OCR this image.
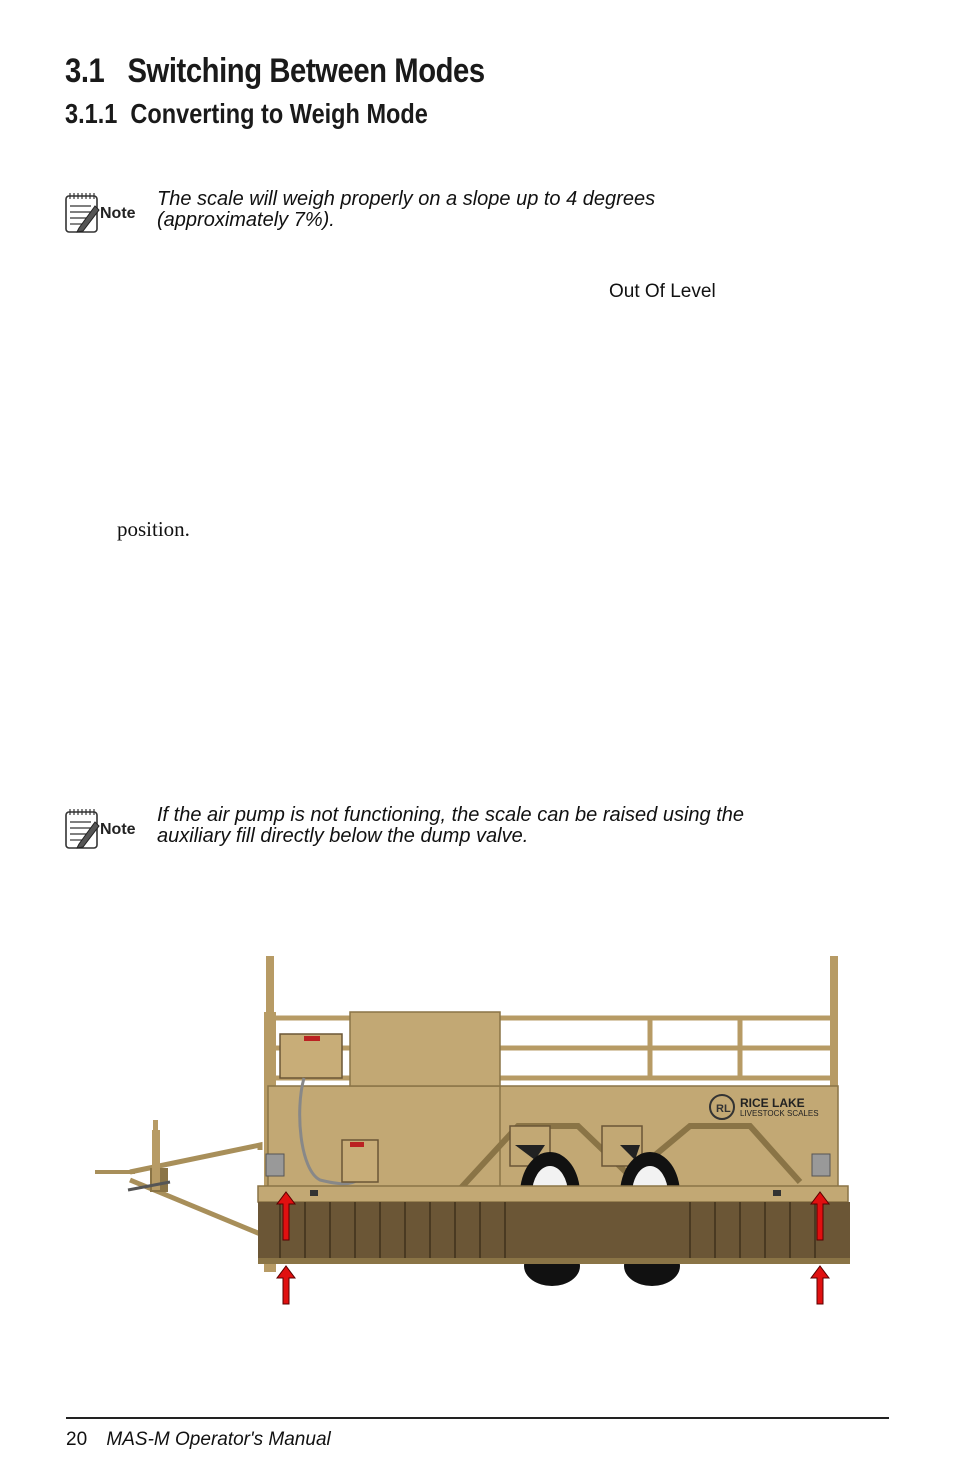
3.1 Switching Between Modes
3.1.1 Converting to Weigh Mode
Note
The scale will weigh properly on a slope up to 4 degrees
(approximately 7%).
Out Of Level
position.
Note
If the air pump is not functioning, the scale can be raised using the
auxiliary fill directly below the dump valve.
RL RICE LAKE
LIVESTOCK SCALES
20 MAS-M Operator's Manual
